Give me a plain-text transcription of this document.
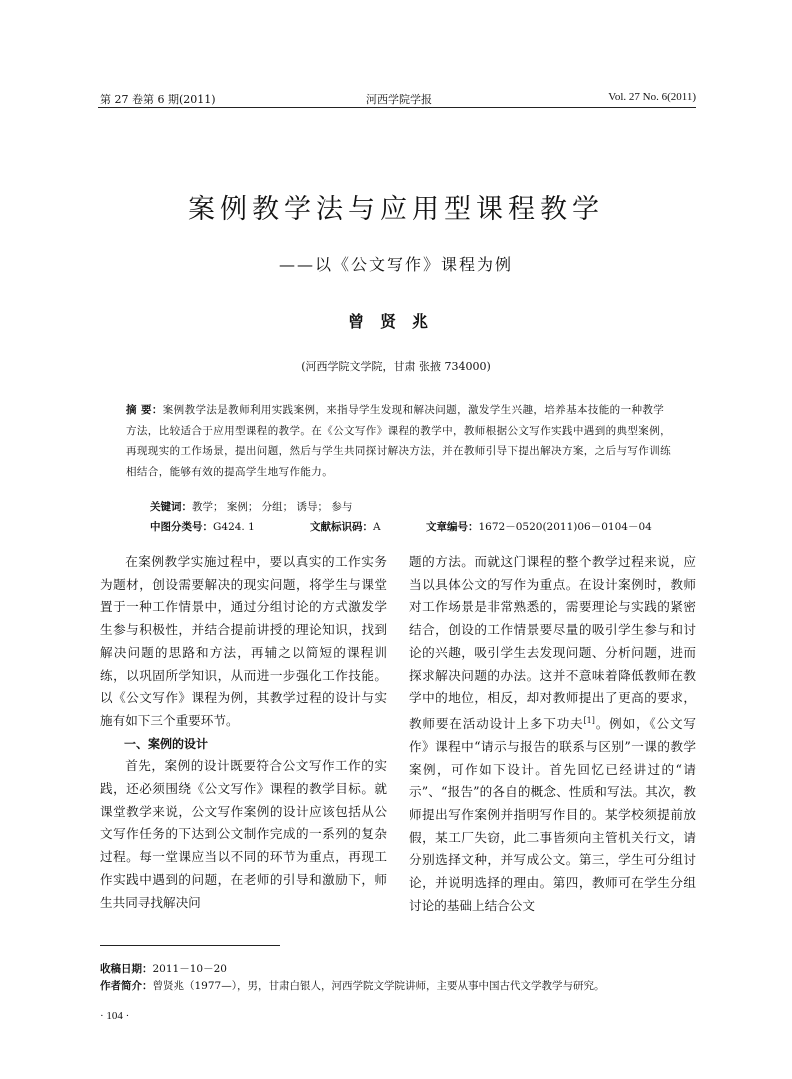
第 27 卷第 6 期(2011)	河西学院学报	Vol. 27 No. 6(2011)
案例教学法与应用型课程教学
——以《公文写作》课程为例
曾贤兆
(河西学院文学院，甘肃 张掖 734000)
摘 要：案例教学法是教师利用实践案例，来指导学生发现和解决问题，激发学生兴趣，培养基本技能的一种教学方法，比较适合于应用型课程的教学。在《公文写作》课程的教学中，教师根据公文写作实践中遇到的典型案例，再现现实的工作场景，提出问题，然后与学生共同探讨解决方法，并在教师引导下提出解决方案，之后与写作训练相结合，能够有效的提高学生地写作能力。
关键词：教学； 案例； 分组； 诱导； 参与
中图分类号：G424. 1	文献标识码：A	文章编号：1672－0520(2011)06－0104－04

在案例教学实施过程中，要以真实的工作实务为题材，创设需要解决的现实问题，将学生与课堂置于一种工作情景中，通过分组讨论的方式激发学生参与积极性，并结合提前讲授的理论知识，找到解决问题的思路和方法，再辅之以简短的课程训练，以巩固所学知识，从而进一步强化工作技能。以《公文写作》课程为例，其教学过程的设计与实施有如下三个重要环节。

一、案例的设计

首先，案例的设计既要符合公文写作工作的实践，还必须围绕《公文写作》课程的教学目标。就课堂教学来说，公文写作案例的设计应该包括从公文写作任务的下达到公文制作完成的一系列的复杂过程。每一堂课应当以不同的环节为重点，再现工作实践中遇到的问题，在老师的引导和激励下，师生共同寻找解决问

题的方法。而就这门课程的整个教学过程来说，应当以具体公文的写作为重点。在设计案例时，教师对工作场景是非常熟悉的，需要理论与实践的紧密结合，创设的工作情景要尽量的吸引学生参与和讨论的兴趣，吸引学生去发现问题、分析问题，进而探求解决问题的办法。这并不意味着降低教师在教学中的地位，相反，却对教师提出了更高的要求，教师要在活动设计上多下功夫[1]。例如，《公文写作》课程中“请示与报告的联系与区别”一课的教学案例，可作如下设计。首先回忆已经讲过的“请示”、“报告”的各自的概念、性质和写法。其次，教师提出写作案例并指明写作目的。某学校须提前放假，某工厂失窃，此二事皆须向主管机关行文，请分别选择文种，并写成公文。第三，学生可分组讨论，并说明选择的理由。第四，教师可在学生分组讨论的基础上结合公文

收稿日期：2011－10－20
作者简介：曾贤兆（1977—），男，甘肃白银人，河西学院文学院讲师，主要从事中国古代文学教学与研究。
· 104 ·
